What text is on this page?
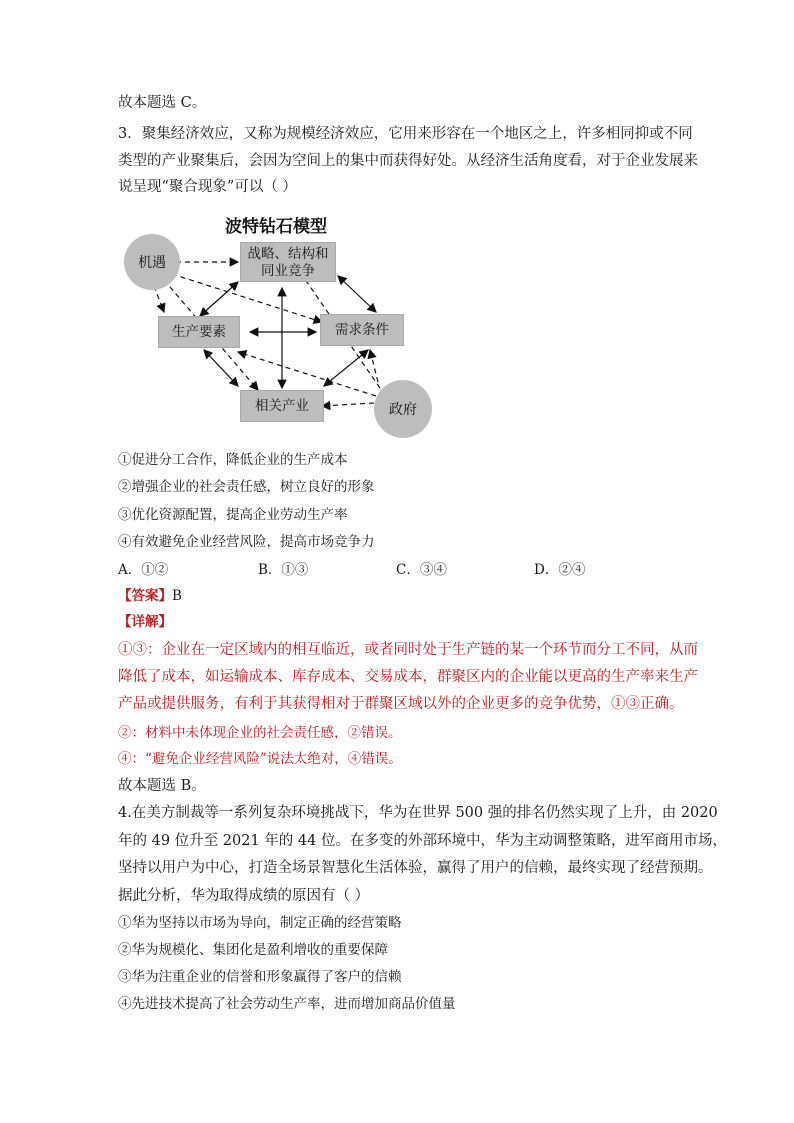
故本题选 C。
3．聚集经济效应，又称为规模经济效应，它用来形容在一个地区之上，许多相同抑或不同
类型的产业聚集后，会因为空间上的集中而获得好处。从经济生活角度看，对于企业发展来
说呈现“聚合现象”可以（ ）
波特钻石模型
机遇
战略、结构和
同业竞争
生产要素	需求条件
相关产业	政府
①促进分工合作，降低企业的生产成本
②增强企业的社会责任感，树立良好的形象
③优化资源配置，提高企业劳动生产率
④有效避免企业经营风险，提高市场竞争力
A．①②	B．①③	C．③④	D．②④
【答案】B
【详解】
①③：企业在一定区域内的相互临近，或者同时处于生产链的某一个环节而分工不同，从而
降低了成本，如运输成本、库存成本、交易成本，群聚区内的企业能以更高的生产率来生产
产品或提供服务，有利于其获得相对于群聚区域以外的企业更多的竞争优势，①③正确。
②：材料中未体现企业的社会责任感，②错误。
④：“避免企业经营风险”说法太绝对，④错误。
故本题选 B。
4.在美方制裁等一系列复杂环境挑战下，华为在世界 500 强的排名仍然实现了上升，由 2020
年的 49 位升至 2021 年的 44 位。在多变的外部环境中，华为主动调整策略，进军商用市场，
坚持以用户为中心，打造全场景智慧化生活体验，赢得了用户的信赖，最终实现了经营预期。
据此分析，华为取得成绩的原因有（ ）
①华为坚持以市场为导向，制定正确的经营策略
②华为规模化、集团化是盈利增收的重要保障
③华为注重企业的信誉和形象赢得了客户的信赖
④先进技术提高了社会劳动生产率，进而增加商品价值量
